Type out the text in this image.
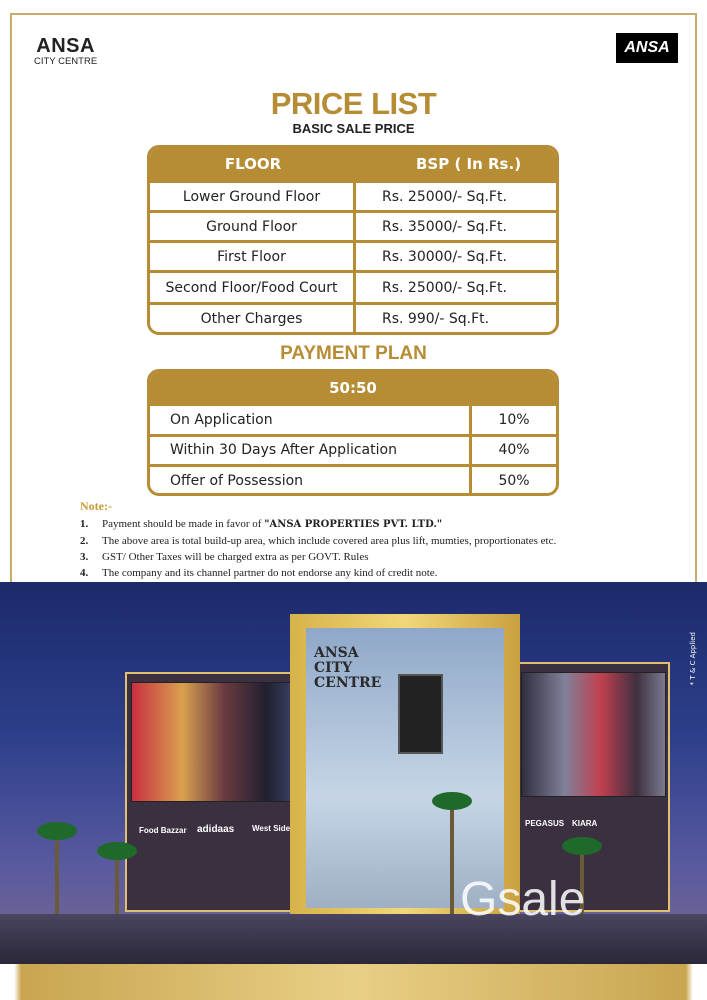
ANSA
CITY CENTRE
ANSA
PRICE LIST
BASIC SALE PRICE
FLOOR	BSP ( In Rs.)
Lower Ground Floor	Rs. 25000/- Sq.Ft.
Ground Floor	Rs. 35000/- Sq.Ft.
First Floor	Rs. 30000/- Sq.Ft.
Second Floor/Food Court	Rs. 25000/- Sq.Ft.
Other Charges	Rs. 990/- Sq.Ft.
PAYMENT PLAN
50:50
On Application	10%
Within 30 Days After Application	40%
Offer of Possession	50%
Note:-
1.	Payment should be made in favor of "ANSA PROPERTIES PVT. LTD."
2.	The above area is total build-up area, which include covered area plus lift, mumties, proportionates etc.
3.	GST/ Other Taxes will be charged extra as per GOVT. Rules
4.	The company and its channel partner do not endorse any kind of credit note.
Food Bazzar adidaas West Side
PEGASUS KIARA
ANSA
CITY
CENTRE	* T & C Applied
Gsale
